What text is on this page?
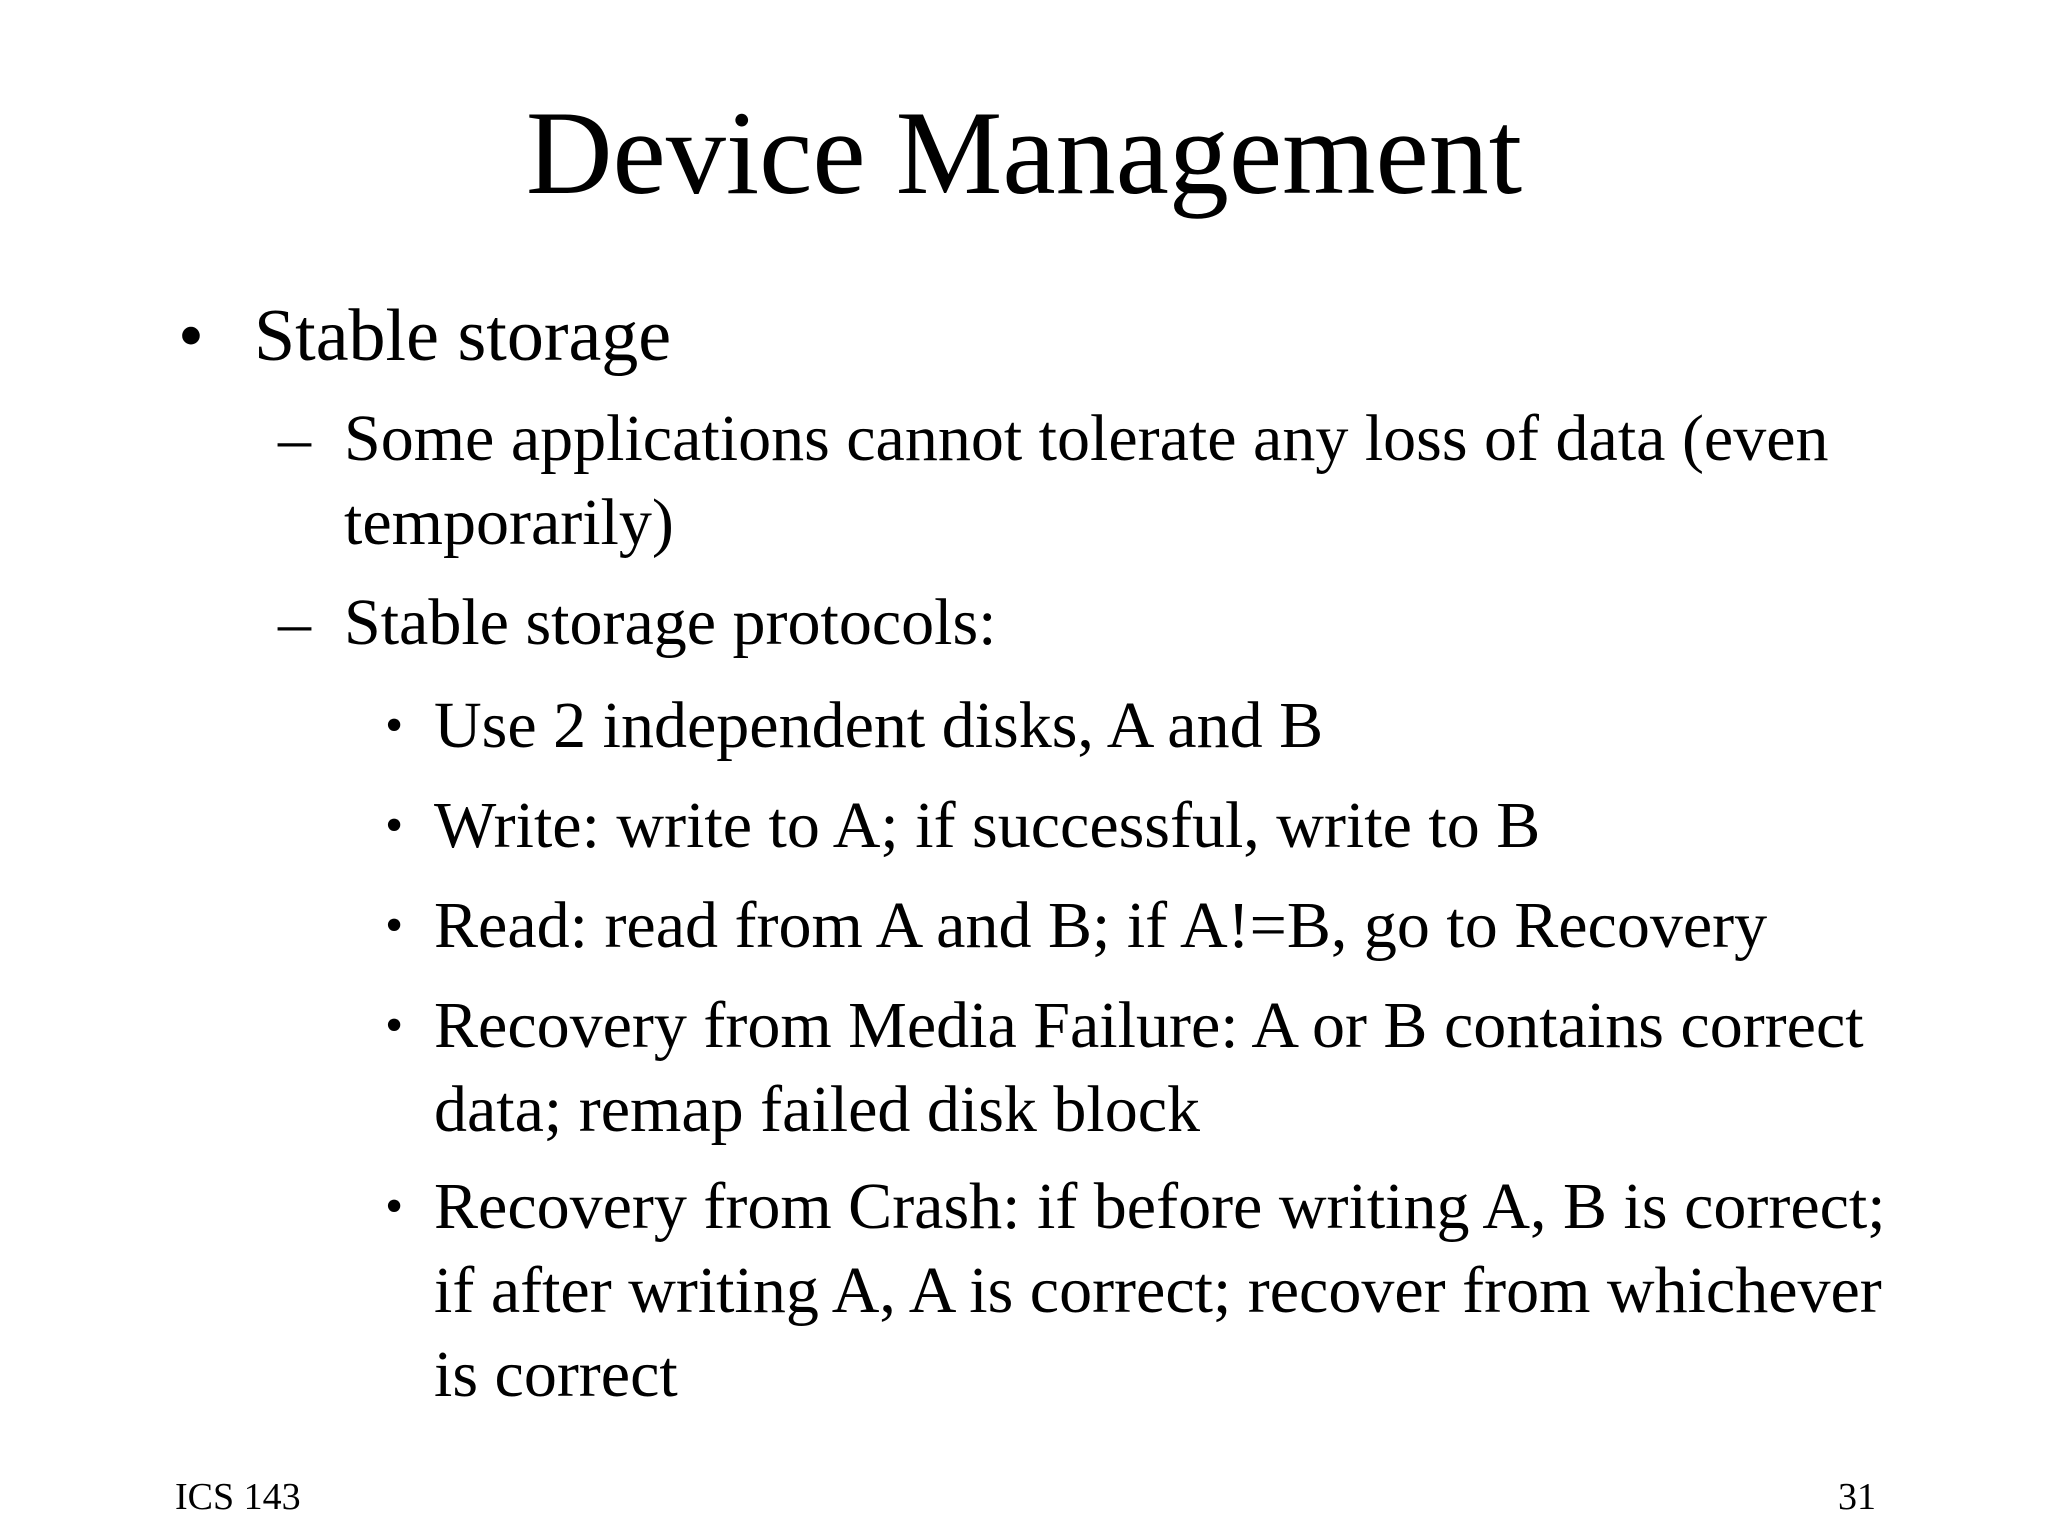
Device Management
• Stable storage
– Some applications cannot tolerate any loss of data (even temporarily)
– Stable storage protocols:
• Use 2 independent disks, A and B
• Write: write to A; if successful, write to B
• Read: read from A and B; if A!=B, go to Recovery
• Recovery from Media Failure: A or B contains correct data; remap failed disk block
• Recovery from Crash: if before writing A, B is correct; if after writing A, A is correct; recover from whichever is correct
ICS 143	31
